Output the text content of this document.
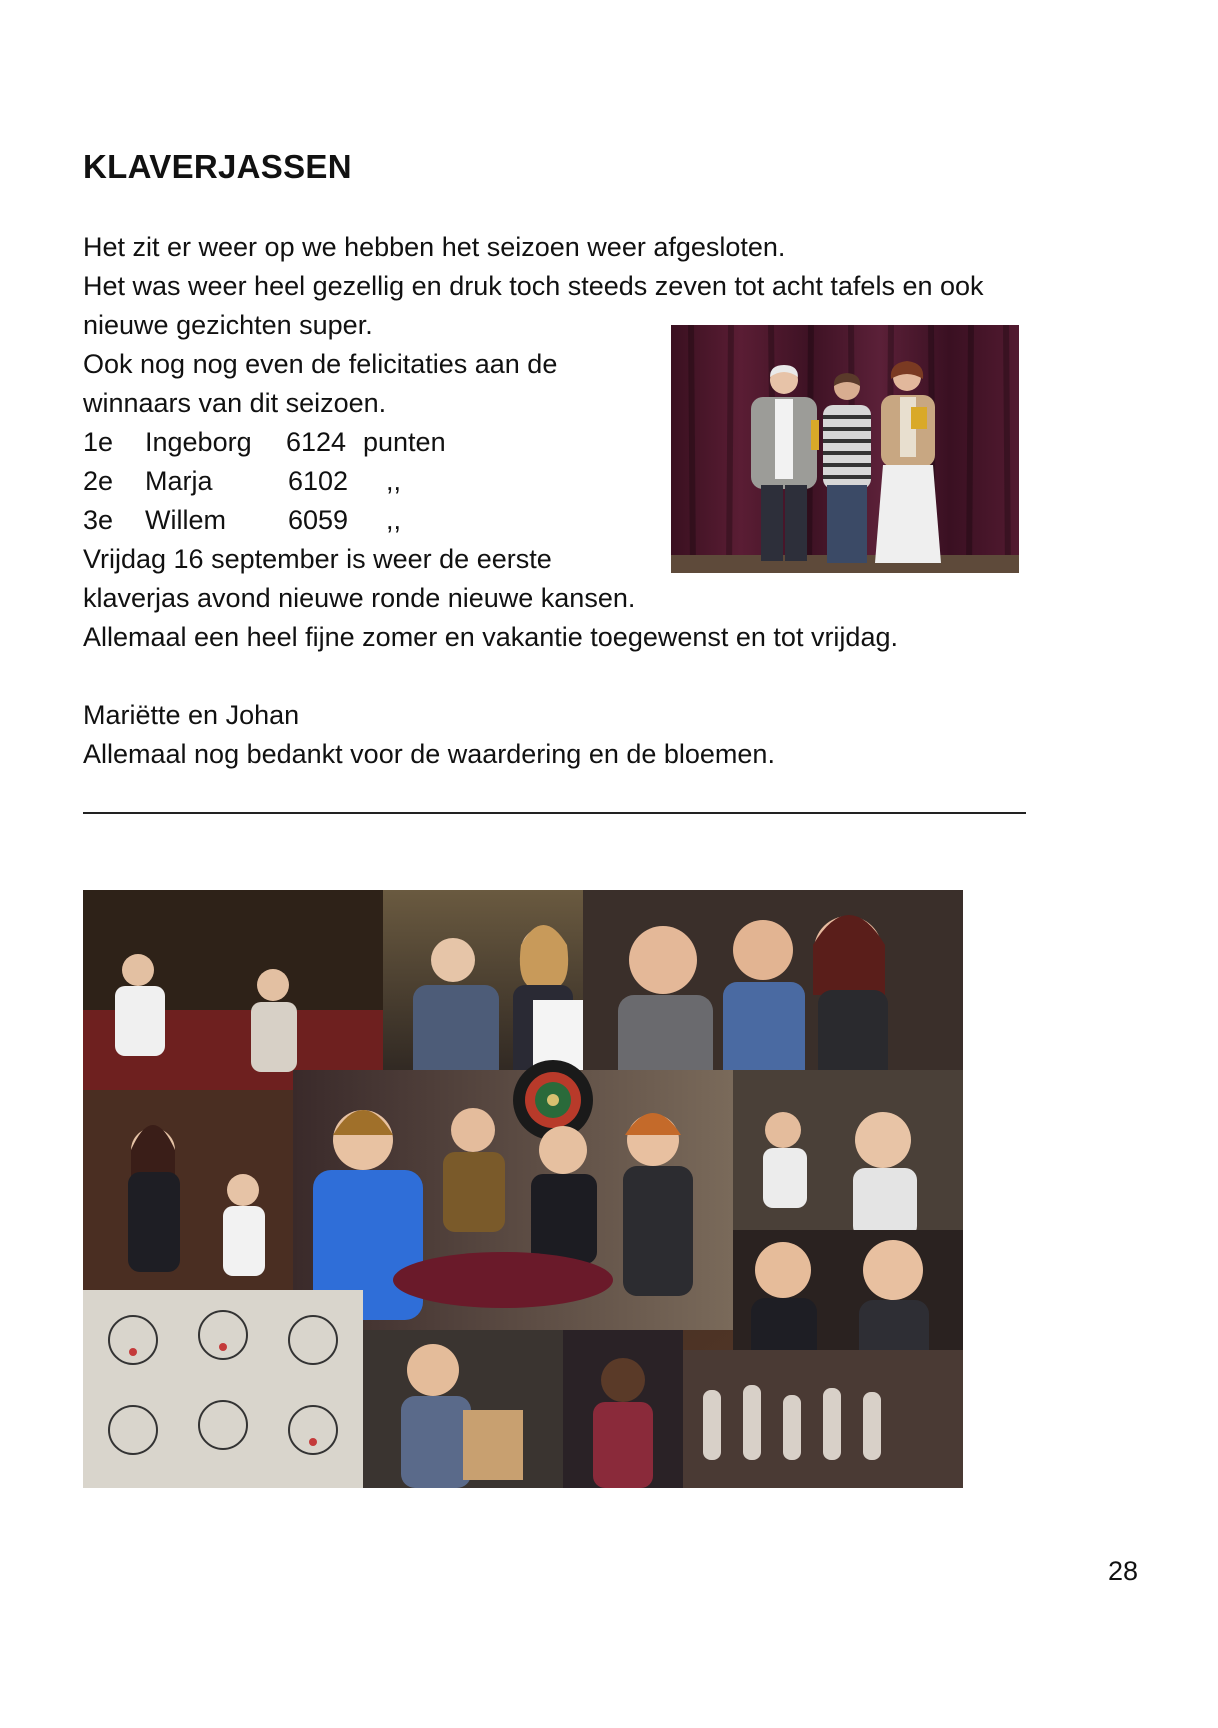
KLAVERJASSEN
Het zit er weer op we hebben het seizoen weer afgesloten.
Het was weer heel gezellig en druk toch steeds zeven tot acht tafels en ook
nieuwe gezichten super.
Ook nog nog even de felicitaties aan de
winnaars van dit seizoen.
1e Ingeborg 6124 punten
2e Marja	6102 ,,
3e Willem 6059 ,,
Vrijdag 16 september is weer de eerste
klaverjas avond nieuwe ronde nieuwe kansen.
Allemaal een heel fijne zomer en vakantie toegewenst en tot vrijdag.
Mariëtte en Johan
Allemaal nog bedankt voor de waardering en de bloemen.
28
